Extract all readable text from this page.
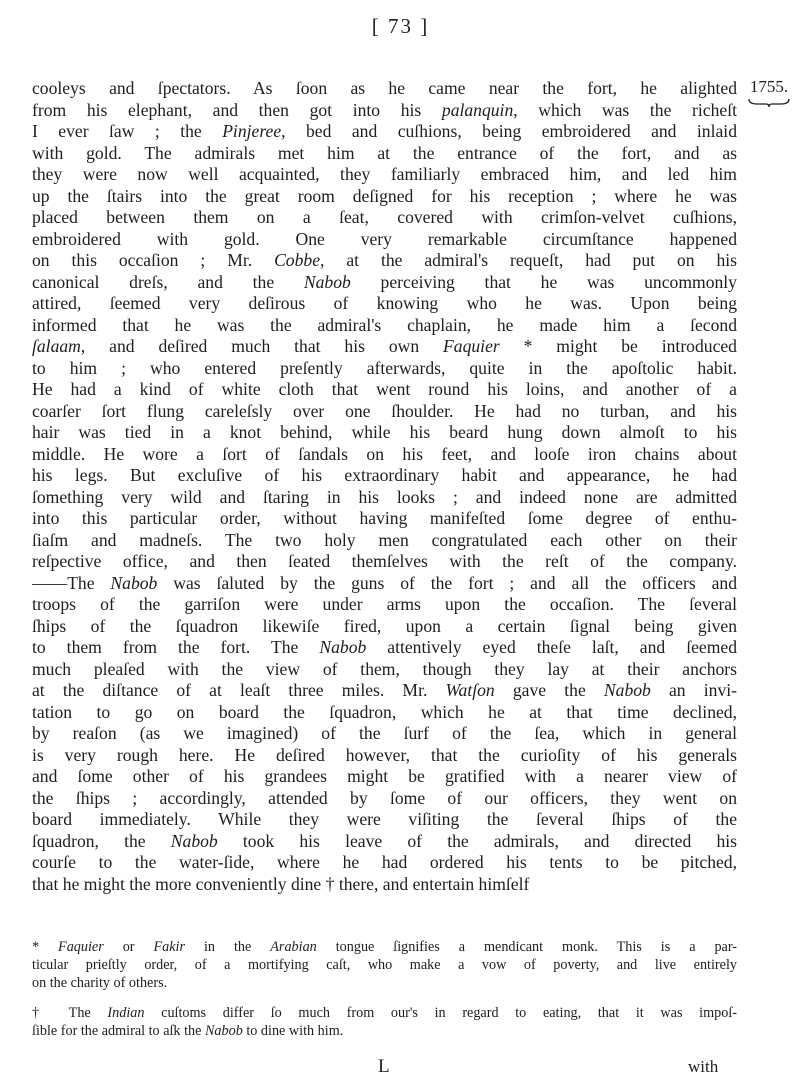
[ 73 ]
1755.
cooleys and ſpectators. As ſoon as he came near the fort, he alighted
from his elephant, and then got into his palanquin, which was the richeſt
I ever ſaw ; the Pinjeree, bed and cuſhions, being embroidered and inlaid
with gold. The admirals met him at the entrance of the fort, and as
they were now well acquainted, they familiarly embraced him, and led him
up the ſtairs into the great room deſigned for his reception ; where he was
placed between them on a ſeat, covered with crimſon-velvet cuſhions,
embroidered with gold. One very remarkable circumſtance happened
on this occaſion ; Mr. Cobbe, at the admiral's requeſt, had put on his
canonical dreſs, and the Nabob perceiving that he was uncommonly
attired, ſeemed very deſirous of knowing who he was. Upon being
informed that he was the admiral's chaplain, he made him a ſecond
ſalaam, and deſired much that his own Faquier * might be introduced
to him ; who entered preſently afterwards, quite in the apoſtolic habit.
He had a kind of white cloth that went round his loins, and another of a
coarſer ſort flung careleſsly over one ſhoulder. He had no turban, and his
hair was tied in a knot behind, while his beard hung down almoſt to his
middle. He wore a ſort of ſandals on his feet, and looſe iron chains about
his legs. But excluſive of his extraordinary habit and appearance, he had
ſomething very wild and ſtaring in his looks ; and indeed none are admitted
into this particular order, without having manifeſted ſome degree of enthu-
ſiaſm and madneſs. The two holy men congratulated each other on their
reſpective office, and then ſeated themſelves with the reſt of the company.
——The Nabob was ſaluted by the guns of the fort ; and all the officers and
troops of the garriſon were under arms upon the occaſion. The ſeveral
ſhips of the ſquadron likewiſe fired, upon a certain ſignal being given
to them from the fort. The Nabob attentively eyed theſe laſt, and ſeemed
much pleaſed with the view of them, though they lay at their anchors
at the diſtance of at leaſt three miles. Mr. Watſon gave the Nabob an invi-
tation to go on board the ſquadron, which he at that time declined,
by reaſon (as we imagined) of the ſurf of the ſea, which in general
is very rough here. He deſired however, that the curioſity of his generals
and ſome other of his grandees might be gratified with a nearer view of
the ſhips ; accordingly, attended by ſome of our officers, they went on
board immediately. While they were viſiting the ſeveral ſhips of the
ſquadron, the Nabob took his leave of the admirals, and directed his
courſe to the water-ſide, where he had ordered his tents to be pitched,
that he might the more conveniently dine † there, and entertain himſelf
* Faquier or Fakir in the Arabian tongue ſignifies a mendicant monk. This is a par-
ticular prieſtly order, of a mortifying caſt, who make a vow of poverty, and live entirely
on the charity of others.
† The Indian cuſtoms differ ſo much from our's in regard to eating, that it was impoſ-
ſible for the admiral to aſk the Nabob to dine with him.
L	with
